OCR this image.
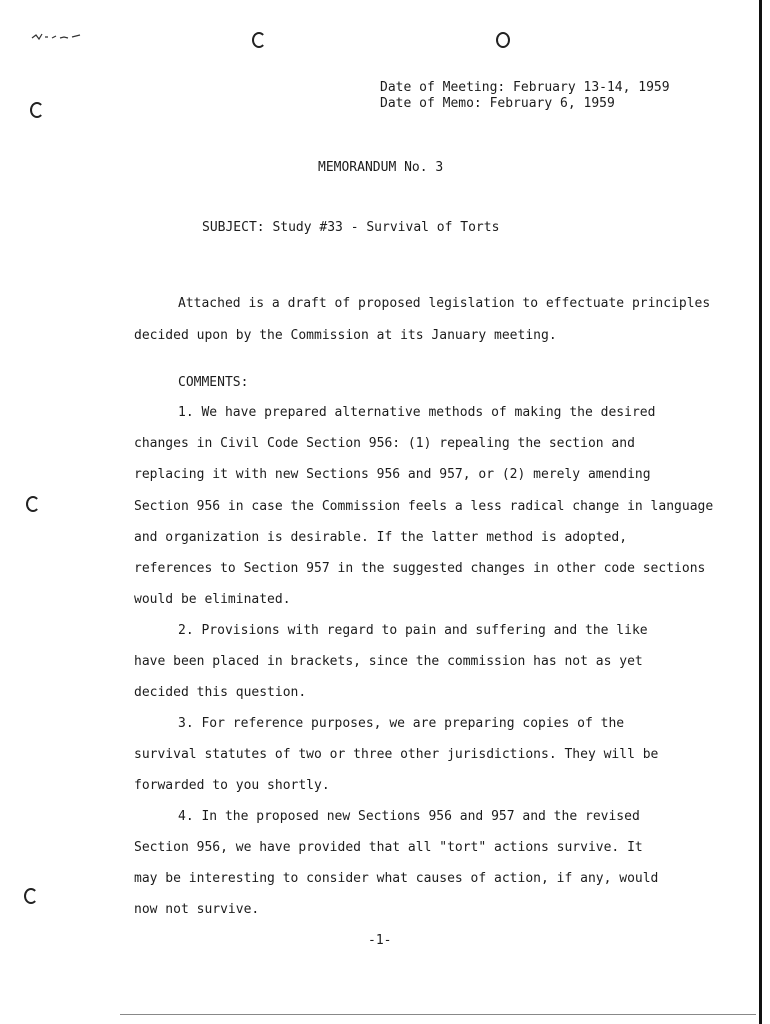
Date of Meeting: February 13-14, 1959
Date of Memo: February 6, 1959
MEMORANDUM No. 3
SUBJECT: Study #33 - Survival of Torts
Attached is a draft of proposed legislation to effectuate principles
decided upon by the Commission at its January meeting.
COMMENTS:
1. We have prepared alternative methods of making the desired
changes in Civil Code Section 956: (1) repealing the section and
replacing it with new Sections 956 and 957, or (2) merely amending
Section 956 in case the Commission feels a less radical change in language
and organization is desirable. If the latter method is adopted,
references to Section 957 in the suggested changes in other code sections
would be eliminated.
2. Provisions with regard to pain and suffering and the like
have been placed in brackets, since the commission has not as yet
decided this question.
3. For reference purposes, we are preparing copies of the
survival statutes of two or three other jurisdictions. They will be
forwarded to you shortly.
4. In the proposed new Sections 956 and 957 and the revised
Section 956, we have provided that all "tort" actions survive. It
may be interesting to consider what causes of action, if any, would
now not survive.
-1-
